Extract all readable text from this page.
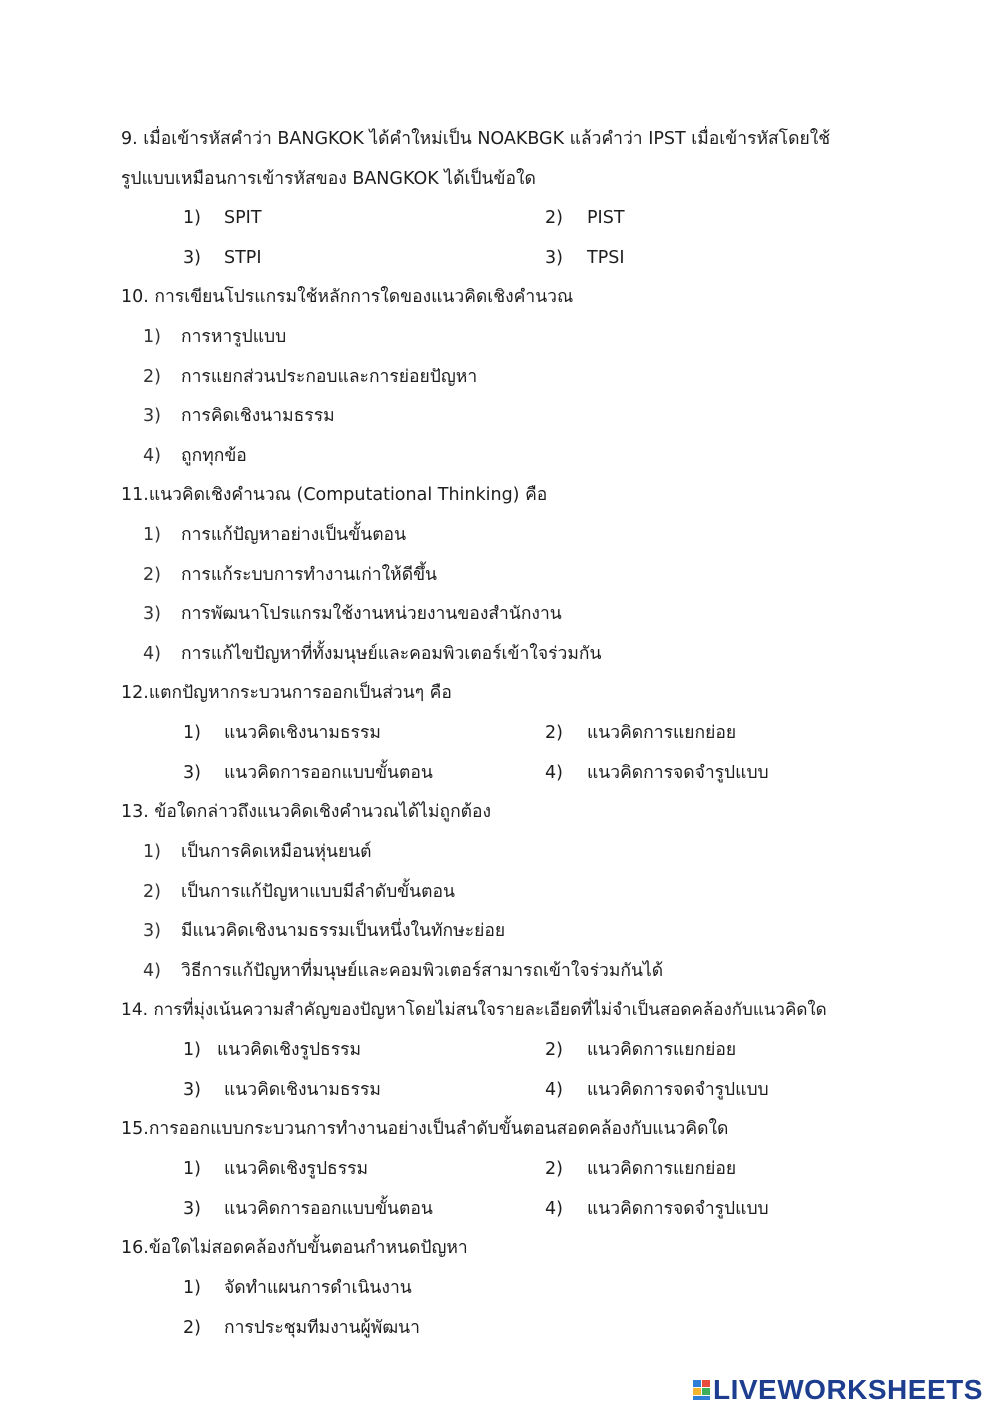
9. เมื่อเข้ารหัสคำว่า BANGKOK ได้คำใหม่เป็น NOAKBGK แล้วคำว่า IPST เมื่อเข้ารหัสโดยใช้
รูปแบบเหมือนการเข้ารหัสของ BANGKOK ได้เป็นข้อใด
1) SPIT	2) PIST
3) STPI	3) TPSI
10. การเขียนโปรแกรมใช้หลักการใดของแนวคิดเชิงคำนวณ
1) การหารูปแบบ
2) การแยกส่วนประกอบและการย่อยปัญหา
3) การคิดเชิงนามธรรม
4) ถูกทุกข้อ
11.แนวคิดเชิงคำนวณ (Computational Thinking) คือ
1) การแก้ปัญหาอย่างเป็นขั้นตอน
2) การแก้ระบบการทำงานเก่าให้ดีขึ้น
3) การพัฒนาโปรแกรมใช้งานหน่วยงานของสำนักงาน
4) การแก้ไขปัญหาที่ทั้งมนุษย์และคอมพิวเตอร์เข้าใจร่วมกัน
12.แตกปัญหากระบวนการออกเป็นส่วนๆ คือ
1) แนวคิดเชิงนามธรรม	2) แนวคิดการแยกย่อย
3) แนวคิดการออกแบบขั้นตอน	4) แนวคิดการจดจำรูปแบบ
13. ข้อใดกล่าวถึงแนวคิดเชิงคำนวณได้ไม่ถูกต้อง
1) เป็นการคิดเหมือนหุ่นยนต์
2) เป็นการแก้ปัญหาแบบมีลำดับขั้นตอน
3) มีแนวคิดเชิงนามธรรมเป็นหนึ่งในทักษะย่อย
4) วิธีการแก้ปัญหาที่มนุษย์และคอมพิวเตอร์สามารถเข้าใจร่วมกันได้
14. การที่มุ่งเน้นความสำคัญของปัญหาโดยไม่สนใจรายละเอียดที่ไม่จำเป็นสอดคล้องกับแนวคิดใด
1) แนวคิดเชิงรูปธรรม	2) แนวคิดการแยกย่อย
3) แนวคิดเชิงนามธรรม	4) แนวคิดการจดจำรูปแบบ
15.การออกแบบกระบวนการทำงานอย่างเป็นลำดับขั้นตอนสอดคล้องกับแนวคิดใด
1) แนวคิดเชิงรูปธรรม	2) แนวคิดการแยกย่อย
3) แนวคิดการออกแบบขั้นตอน	4) แนวคิดการจดจำรูปแบบ
16.ข้อใดไม่สอดคล้องกับขั้นตอนกำหนดปัญหา
1) จัดทำแผนการดำเนินงาน
2) การประชุมทีมงานผู้พัฒนา
LIVEWORKSHEETS
